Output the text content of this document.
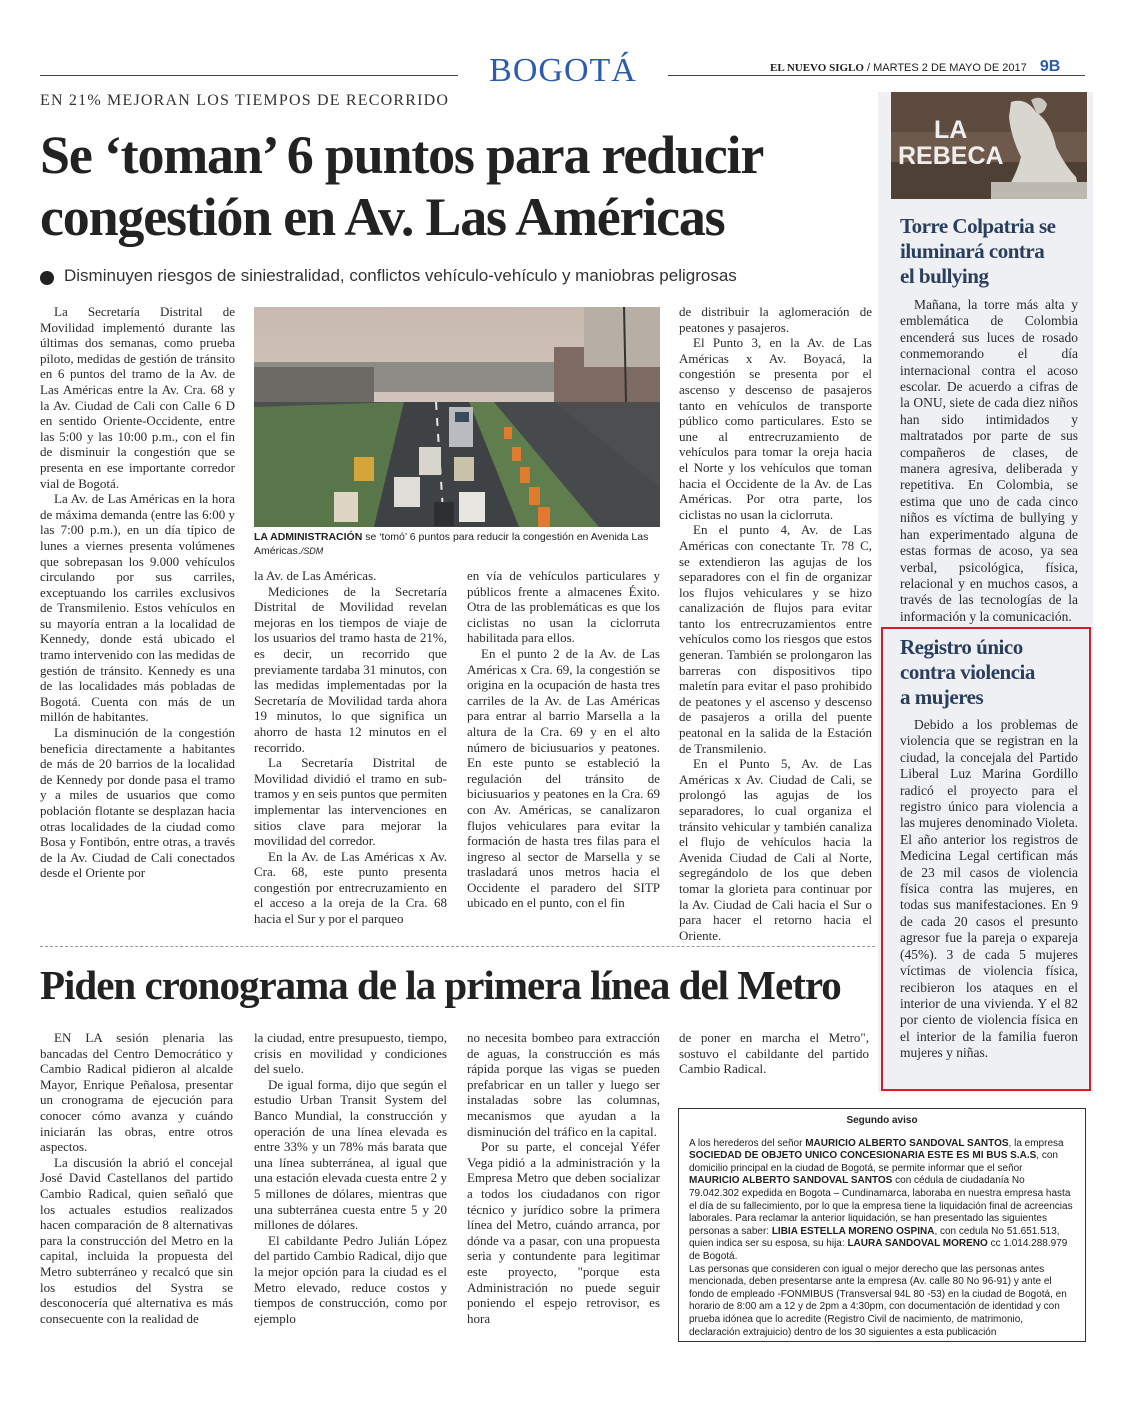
BOGOTÁ	EL NUEVO SIGLO / MARTES 2 DE MAYO DE 2017 9B
EN 21% MEJORAN LOS TIEMPOS DE RECORRIDO
Se ‘toman’ 6 puntos para reducir
congestión en Av. Las Américas
Disminuyen riesgos de siniestralidad, conflictos vehículo-vehículo y maniobras peligrosas
LA ADMINISTRACIÓN se ‘tomó’ 6 puntos para reducir la congestión en Avenida Las Américas./SDM

La Secretaría Distrital de Movilidad implementó durante las últimas dos semanas, como prueba piloto, medidas de gestión de tránsito en 6 puntos del tramo de la Av. de Las Américas entre la Av. Cra. 68 y la Av. Ciudad de Cali con Calle 6 D en sentido Oriente-Occidente, entre las 5:00 y las 10:00 p.m., con el fin de disminuir la congestión que se presenta en ese importante corredor vial de Bogotá.

La Av. de Las Américas en la hora de máxima demanda (entre las 6:00 y las 7:00 p.m.), en un día típico de lunes a viernes presenta volúmenes que sobrepasan los 9.000 vehículos circulando por sus carriles, exceptuando los carriles exclusivos de Transmilenio. Estos vehículos en su mayoría entran a la localidad de Kennedy, donde está ubicado el tramo intervenido con las medidas de gestión de tránsito. Kennedy es una de las localidades más pobladas de Bogotá. Cuenta con más de un millón de habitantes.

La disminución de la congestión beneficia directamente a habitantes de más de 20 barrios de la localidad de Kennedy por donde pasa el tramo y a miles de usuarios que como población flotante se desplazan hacia otras localidades de la ciudad como Bosa y Fontibón, entre otras, a través de la Av. Ciudad de Cali conectados desde el Oriente por

la Av. de Las Américas.

Mediciones de la Secretaría Distrital de Movilidad revelan mejoras en los tiempos de viaje de los usuarios del tramo hasta de 21%, es decir, un recorrido que previamente tardaba 31 minutos, con las medidas implementadas por la Secretaría de Movilidad tarda ahora 19 minutos, lo que significa un ahorro de hasta 12 minutos en el recorrido.

La Secretaría Distrital de Movilidad dividió el tramo en sub-tramos y en seis puntos que permiten implementar las intervenciones en sitios clave para mejorar la movilidad del corredor.

En la Av. de Las Américas x Av. Cra. 68, este punto presenta congestión por entrecruzamiento en el acceso a la oreja de la Cra. 68 hacia el Sur y por el parqueo

en vía de vehículos particulares y públicos frente a almacenes Éxito. Otra de las problemáticas es que los ciclistas no usan la ciclorruta habilitada para ellos.

En el punto 2 de la Av. de Las Américas x Cra. 69, la congestión se origina en la ocupación de hasta tres carriles de la Av. de Las Américas para entrar al barrio Marsella a la altura de la Cra. 69 y en el alto número de biciusuarios y peatones. En este punto se estableció la regulación del tránsito de biciusuarios y peatones en la Cra. 69 con Av. Américas, se canalizaron flujos vehiculares para evitar la formación de hasta tres filas para el ingreso al sector de Marsella y se trasladará unos metros hacia el Occidente el paradero del SITP ubicado en el punto, con el fin

de distribuir la aglomeración de peatones y pasajeros.

El Punto 3, en la Av. de Las Américas x Av. Boyacá, la congestión se presenta por el ascenso y descenso de pasajeros tanto en vehículos de transporte público como particulares. Esto se une al entrecruzamiento de vehículos para tomar la oreja hacia el Norte y los vehículos que toman hacia el Occidente de la Av. de Las Américas. Por otra parte, los ciclistas no usan la ciclorruta.

En el punto 4, Av. de Las Américas con conectante Tr. 78 C, se extendieron las agujas de los separadores con el fin de organizar los flujos vehiculares y se hizo canalización de flujos para evitar tanto los entrecruzamientos entre vehículos como los riesgos que estos generan. También se prolongaron las barreras con dispositivos tipo maletín para evitar el paso prohibido de peatones y el ascenso y descenso de pasajeros a orilla del puente peatonal en la salida de la Estación de Transmilenio.

En el Punto 5, Av. de Las Américas x Av. Ciudad de Cali, se prolongó las agujas de los separadores, lo cual organiza el tránsito vehicular y también canaliza el flujo de vehículos hacia la Avenida Ciudad de Cali al Norte, segregándolo de los que deben tomar la glorieta para continuar por la Av. Ciudad de Cali hacia el Sur o para hacer el retorno hacia el Oriente.

Piden cronograma de la primera línea del Metro

EN LA sesión plenaria las bancadas del Centro Democrático y Cambio Radical pidieron al alcalde Mayor, Enrique Peñalosa, presentar un cronograma de ejecución para conocer cómo avanza y cuándo iniciarán las obras, entre otros aspectos.

La discusión la abrió el concejal José David Castellanos del partido Cambio Radical, quien señaló que los actuales estudios realizados hacen comparación de 8 alternativas para la construcción del Metro en la capital, incluida la propuesta del Metro subterráneo y recalcó que sin los estudios del Systra se desconocería qué alternativa es más consecuente con la realidad de

la ciudad, entre presupuesto, tiempo, crisis en movilidad y condiciones del suelo.

De igual forma, dijo que según el estudio Urban Transit System del Banco Mundial, la construcción y operación de una línea elevada es entre 33% y un 78% más barata que una línea subterránea, al igual que una estación elevada cuesta entre 2 y 5 millones de dólares, mientras que una subterránea cuesta entre 5 y 20 millones de dólares.

El cabildante Pedro Julián López del partido Cambio Radical, dijo que la mejor opción para la ciudad es el Metro elevado, reduce costos y tiempos de construcción, como por ejemplo

no necesita bombeo para extracción de aguas, la construcción es más rápida porque las vigas se pueden prefabricar en un taller y luego ser instaladas sobre las columnas, mecanismos que ayudan a la disminución del tráfico en la capital.

Por su parte, el concejal Yéfer Vega pidió a la administración y la Empresa Metro que deben socializar a todos los ciudadanos con rigor técnico y jurídico sobre la primera línea del Metro, cuándo arranca, por dónde va a pasar, con una propuesta seria y contundente para legitimar este proyecto, "porque esta Administración no puede seguir poniendo el espejo retrovisor, es hora

de poner en marcha el Metro", sostuvo el cabildante del partido Cambio Radical.

LA
REBECA
Torre Colpatria se
iluminará contra
el bullying

Mañana, la torre más alta y emblemática de Colombia encenderá sus luces de rosado conmemorando el día internacional contra el acoso escolar. De acuerdo a cifras de la ONU, siete de cada diez niños han sido intimidados y maltratados por parte de sus compañeros de clases, de manera agresiva, deliberada y repetitiva. En Colombia, se estima que uno de cada cinco niños es víctima de bullying y han experimentado alguna de estas formas de acoso, ya sea verbal, psicológica, física, relacional y en muchos casos, a través de las tecnologías de la información y la comunicación.

Registro único
contra violencia
a mujeres

Debido a los problemas de violencia que se registran en la ciudad, la concejala del Partido Liberal Luz Marina Gordillo radicó el proyecto para el registro único para violencia a las mujeres denominado Violeta. El año anterior los registros de Medicina Legal certifican más de 23 mil casos de violencia física contra las mujeres, en todas sus manifestaciones. En 9 de cada 20 casos el presunto agresor fue la pareja o expareja (45%). 3 de cada 5 mujeres víctimas de violencia física, recibieron los ataques en el interior de una vivienda. Y el 82 por ciento de violencia física en el interior de la familia fueron mujeres y niñas.

Segundo aviso

A los herederos del señor MAURICIO ALBERTO SANDOVAL SANTOS, la empresa SOCIEDAD DE OBJETO UNICO CONCESIONARIA ESTE ES MI BUS S.A.S, con domicilio principal en la ciudad de Bogotá, se permite informar que el señor MAURICIO ALBERTO SANDOVAL SANTOS con cédula de ciudadanía No 79.042.302 expedida en Bogota – Cundinamarca, laboraba en nuestra empresa hasta el día de su fallecimiento, por lo que la empresa tiene la liquidación final de acreencias laborales. Para reclamar la anterior liquidación, se han presentado las siguientes personas a saber: LIBIA ESTELLA MORENO OSPINA, con cedula No 51.651.513, quien indica ser su esposa, su hija: LAURA SANDOVAL MORENO cc 1.014.288.979 de Bogotá.

Las personas que consideren con igual o mejor derecho que las personas antes mencionada, deben presentarse ante la empresa (Av. calle 80 No 96-91) y ante el fondo de empleado -FONMIBUS (Transversal 94L 80 -53) en la ciudad de Bogotá, en horario de 8:00 am a 12 y de 2pm a 4:30pm, con documentación de identidad y con prueba idónea que lo acredite (Registro Civil de nacimiento, de matrimonio, declaración extrajuicio) dentro de los 30 siguientes a esta publicación
